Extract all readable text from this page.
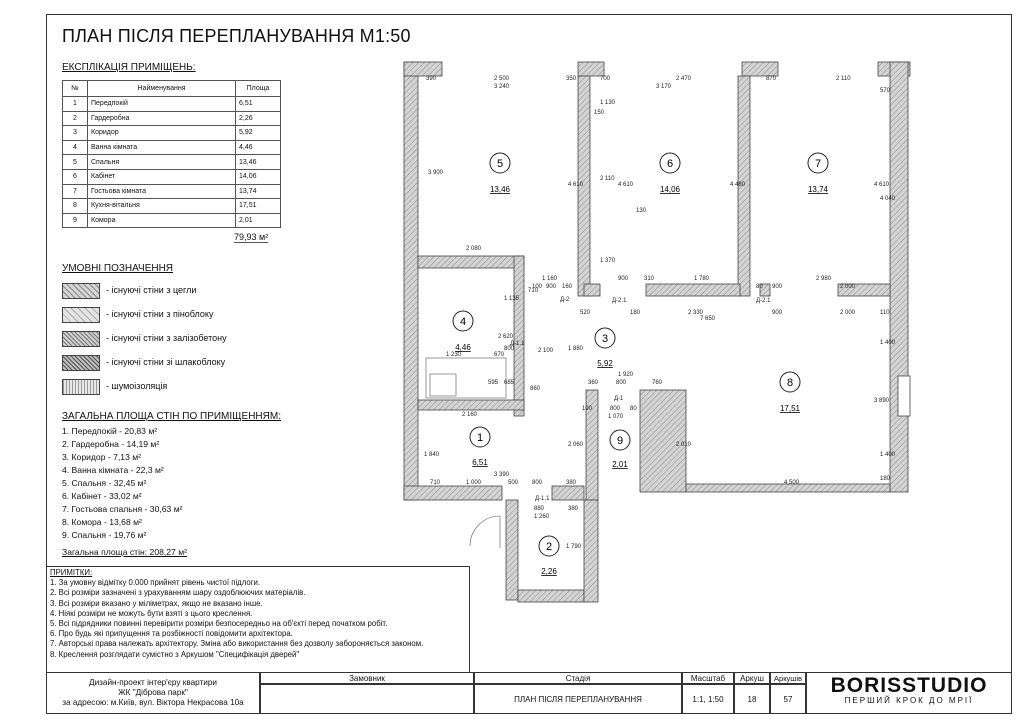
ПЛАН ПІСЛЯ ПЕРЕПЛАНУВАННЯ М1:50
ЕКСПЛІКАЦІЯ ПРИМІЩЕНЬ:
№	Найменування	Площа
1	Передпокій	6,51
2	Гардеробна	2,26
3	Коридор	5,92
4	Ванна кімната	4,46
5	Спальня	13,46
6	Кабінет	14,06
7	Гостьова кімната	13,74
8	Кухня-вітальня	17,51
9	Комора	2,01
79,93 м²
УМОВНІ ПОЗНАЧЕННЯ
- існуючі стіни з цегли
- існуючі стіни з піноблоку
- існуючі стіни з залізобетону
- існуючі стіни зі шлакоблоку
- шумоізоляція
ЗАГАЛЬНА ПЛОЩА СТІН ПО ПРИМІЩЕННЯМ:
1. Передпокій - 20,83 м²
2. Гардеробна - 14,19 м²
3. Коридор - 7,13 м²
4. Ванна кімната - 22,3 м²
5. Спальня - 32,45 м²
6. Кабінет - 33,02 м²
7. Гостьова спальня - 30,63 м²
8. Комора - 13,68 м²
9. Спальня - 19,76 м²
Загальна площа стін: 208,27 м²
ПРИМІТКИ:
1. За умовну відмітку 0.000 прийнят рівень чистої підлоги.
2. Всі розміри зазначені з урахуванням шару оздоблюючих матеріалів.
3. Всі розміри вказано у міліметрах, якщо не вказано інше.
4. Ніякі розміри не можуть бути взяті з цього креслення.
5. Всі підрядники повинні перевірити розміри безпосередньо на об'єкті перед початком робіт.
6. Про будь які припущення та розбіжності повідомити архітектора.
7. Авторські права належать архітектору. Зміна або використання без дозволу забороняється законом.
8. Креслення розглядати сумістно з Аркушом "Специфікація дверей"
Дизайн-проект інтер'єру квартири
ЖК "Діброва парк"
за адресою: м.Київ, вул. Віктора Некрасова 10а
Замовник	Стадія
ПЛАН ПІСЛЯ ПЕРЕПЛАНУВАННЯ
Масштаб
1:1, 1:50
Аркуш
18
Аркушів
57
BORISSTUDIO
ПЕРШИЙ КРОК ДО МРІЇ
5
13,46
6
14,06
7
13,74
4
4,46
3
5,92
8
17,51
1
6,51
9
2,01
2
2,26
Д-2	Д-2.1	Д-2.1
Д-1.1
Д-1
Д-1.1
390	2 500	350	700	2 470	870	2 110
3 240	3 170
570
3 900
4 610	4 610	4 480	4 610
4 040
150
1 130
2 110
130
2 080
1 370
1 160	900	310	1 780	2 980
100 900 160	80 900	2 000
520	180	2 330
7 650
900	2 000	110
1 135
710
2 620
800
1 230	670
2 100 1 880
1 400
1 920
360	800	760
595 685
860
3 890
2 160
190	800 80
1 070
1 840
2 060	2 010
1 400
3 390
710	1 000	500 800	380	4 500
180
880	380
1 260
1 790
